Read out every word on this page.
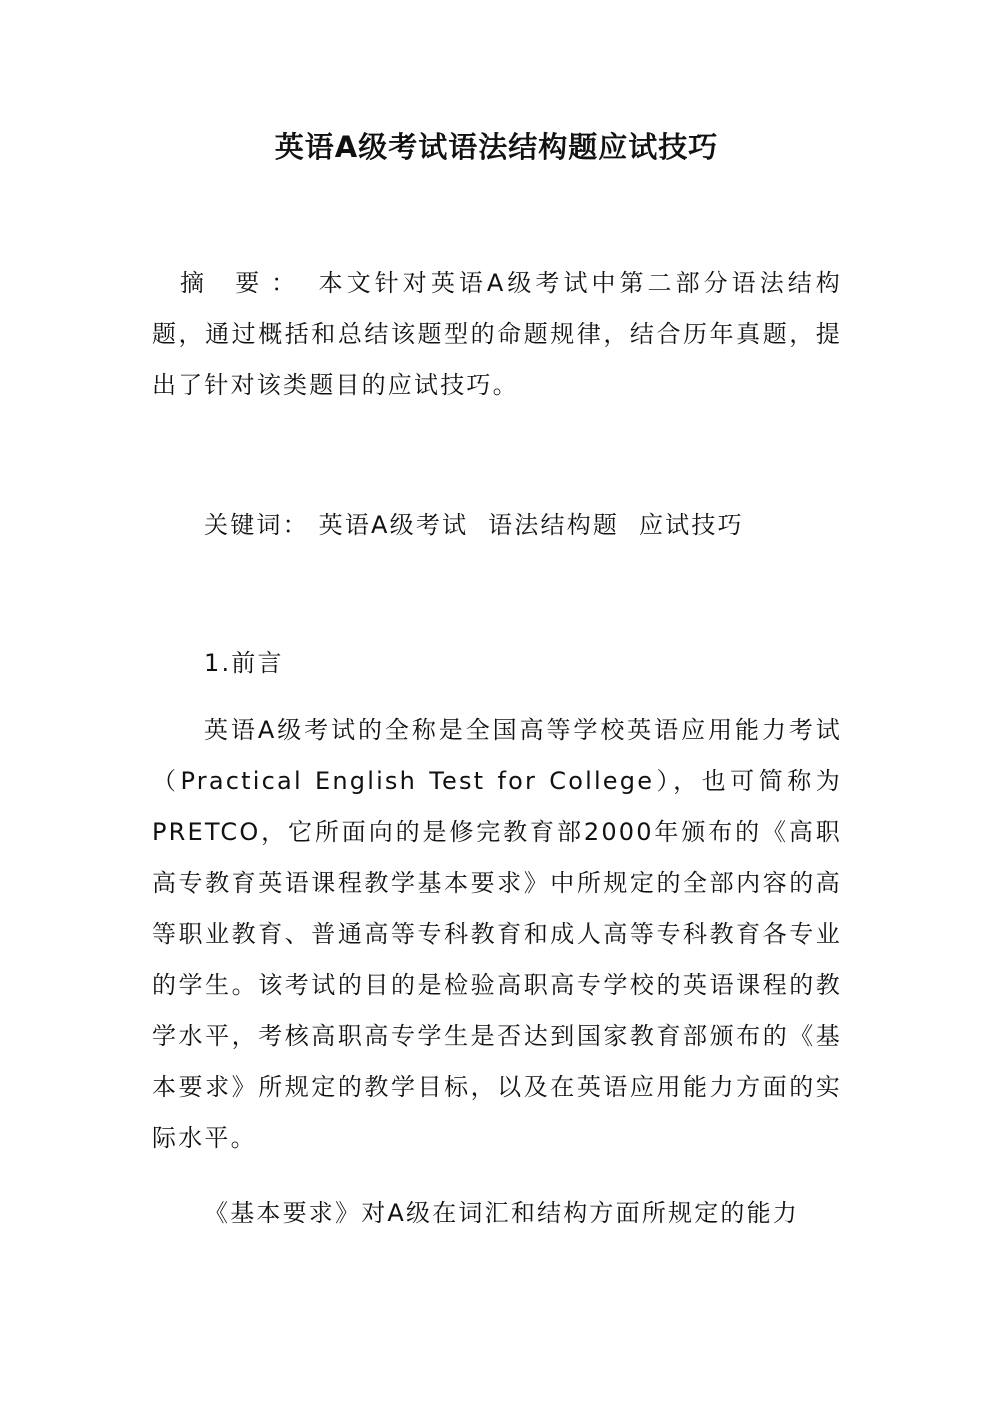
英语A级考试语法结构题应试技巧
摘 要： 本文针对英语A级考试中第二部分语法结构题，通过概括和总结该题型的命题规律，结合历年真题，提出了针对该类题目的应试技巧。
关键词： 英语A级考试 语法结构题 应试技巧
1.前言
英语A级考试的全称是全国高等学校英语应用能力考试（Practical English Test for College），也可简称为PRETCO，它所面向的是修完教育部2000年颁布的《高职高专教育英语课程教学基本要求》中所规定的全部内容的高等职业教育、普通高等专科教育和成人高等专科教育各专业的学生。该考试的目的是检验高职高专学校的英语课程的教学水平，考核高职高专学生是否达到国家教育部颁布的《基本要求》所规定的教学目标，以及在英语应用能力方面的实际水平。
《基本要求》对A级在词汇和结构方面所规定的能力
